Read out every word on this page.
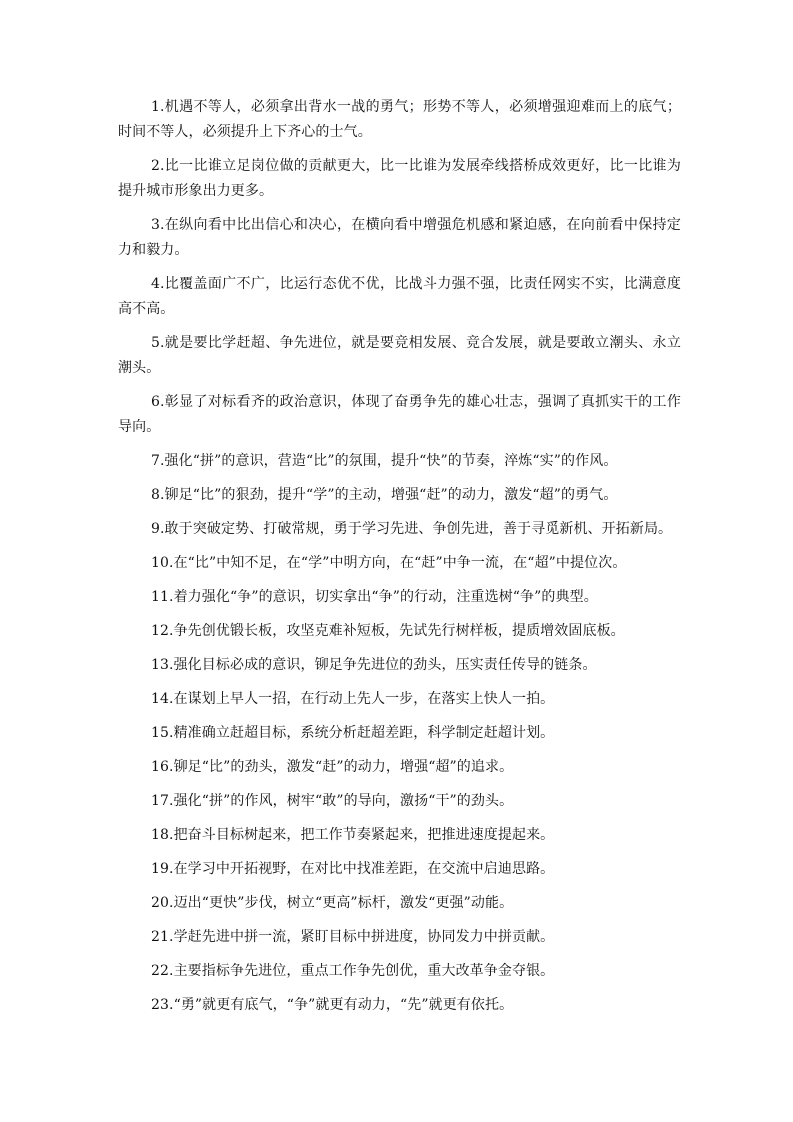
1.机遇不等人，必须拿出背水一战的勇气；形势不等人，必须增强迎难而上的底气；时间不等人，必须提升上下齐心的士气。

2.比一比谁立足岗位做的贡献更大，比一比谁为发展牵线搭桥成效更好，比一比谁为提升城市形象出力更多。

3.在纵向看中比出信心和决心，在横向看中增强危机感和紧迫感，在向前看中保持定力和毅力。

4.比覆盖面广不广，比运行态优不优，比战斗力强不强，比责任网实不实，比满意度高不高。

5.就是要比学赶超、争先进位，就是要竞相发展、竞合发展，就是要敢立潮头、永立潮头。

6.彰显了对标看齐的政治意识，体现了奋勇争先的雄心壮志，强调了真抓实干的工作导向。

7.强化“拼”的意识，营造“比”的氛围，提升“快”的节奏，淬炼“实”的作风。

8.铆足“比”的狠劲，提升“学”的主动，增强“赶”的动力，激发“超”的勇气。

9.敢于突破定势、打破常规，勇于学习先进、争创先进，善于寻觅新机、开拓新局。

10.在“比”中知不足，在“学”中明方向，在“赶”中争一流，在“超”中提位次。

11.着力强化“争”的意识，切实拿出“争”的行动，注重选树“争”的典型。

12.争先创优锻长板，攻坚克难补短板，先试先行树样板，提质增效固底板。

13.强化目标必成的意识，铆足争先进位的劲头，压实责任传导的链条。

14.在谋划上早人一招，在行动上先人一步，在落实上快人一拍。

15.精准确立赶超目标，系统分析赶超差距，科学制定赶超计划。

16.铆足“比”的劲头，激发“赶”的动力，增强“超”的追求。

17.强化“拼”的作风，树牢“敢”的导向，激扬“干”的劲头。

18.把奋斗目标树起来，把工作节奏紧起来，把推进速度提起来。

19.在学习中开拓视野，在对比中找准差距，在交流中启迪思路。

20.迈出“更快”步伐，树立“更高”标杆，激发“更强”动能。

21.学赶先进中拼一流，紧盯目标中拼进度，协同发力中拼贡献。

22.主要指标争先进位，重点工作争先创优，重大改革争金夺银。

23.“勇”就更有底气，“争”就更有动力，“先”就更有依托。
